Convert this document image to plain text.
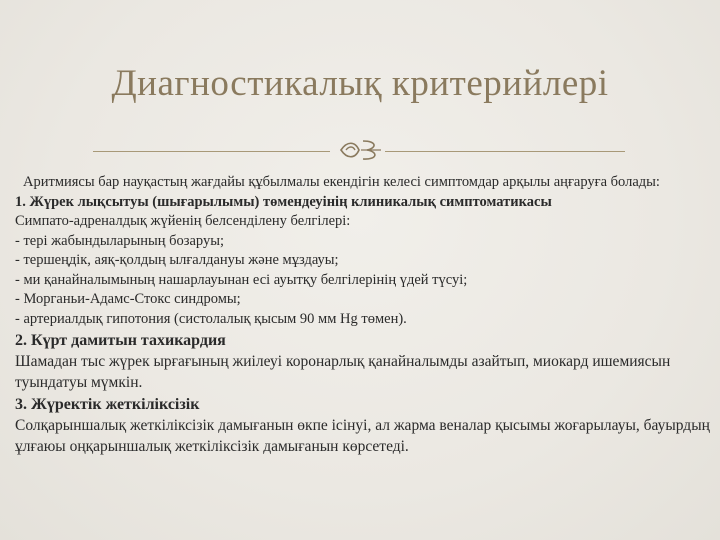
Диагностикалық критерийлері

Аритмиясы бар науқастың жағдайы құбылмалы екендігін келесі симптомдар арқылы аңғаруға болады:

1. Жүрек лықсытуы (шығарылымы) төмендеуінің клиникалық симптоматикасы

Симпато-адреналдық жүйенің белсенділену белгілері:

- тері жабындыларының бозаруы;

- тершеңдік, аяқ-қолдың ылғалдануы және мұздауы;

- ми қанайналымының нашарлауынан есі ауытқу белгілерінің үдей түсуі;

- Морганьи-Адамс-Стокс синдромы;

- артериалдық гипотония (систолалық қысым 90 мм Hg төмен).

2. Күрт дамитын тахикардия

Шамадан тыс жүрек ырғағының жиілеуі коронарлық қанайналымды азайтып, миокард ишемиясын туындатуы мүмкін.

3. Жүректік жеткіліксізік

Солқарыншалық жеткіліксізік дамығанын өкпе ісінуі, ал жарма веналар қысымы жоғарылауы, бауырдың ұлғаюы оңқарыншалық жеткіліксізік дамығанын көрсетеді.
